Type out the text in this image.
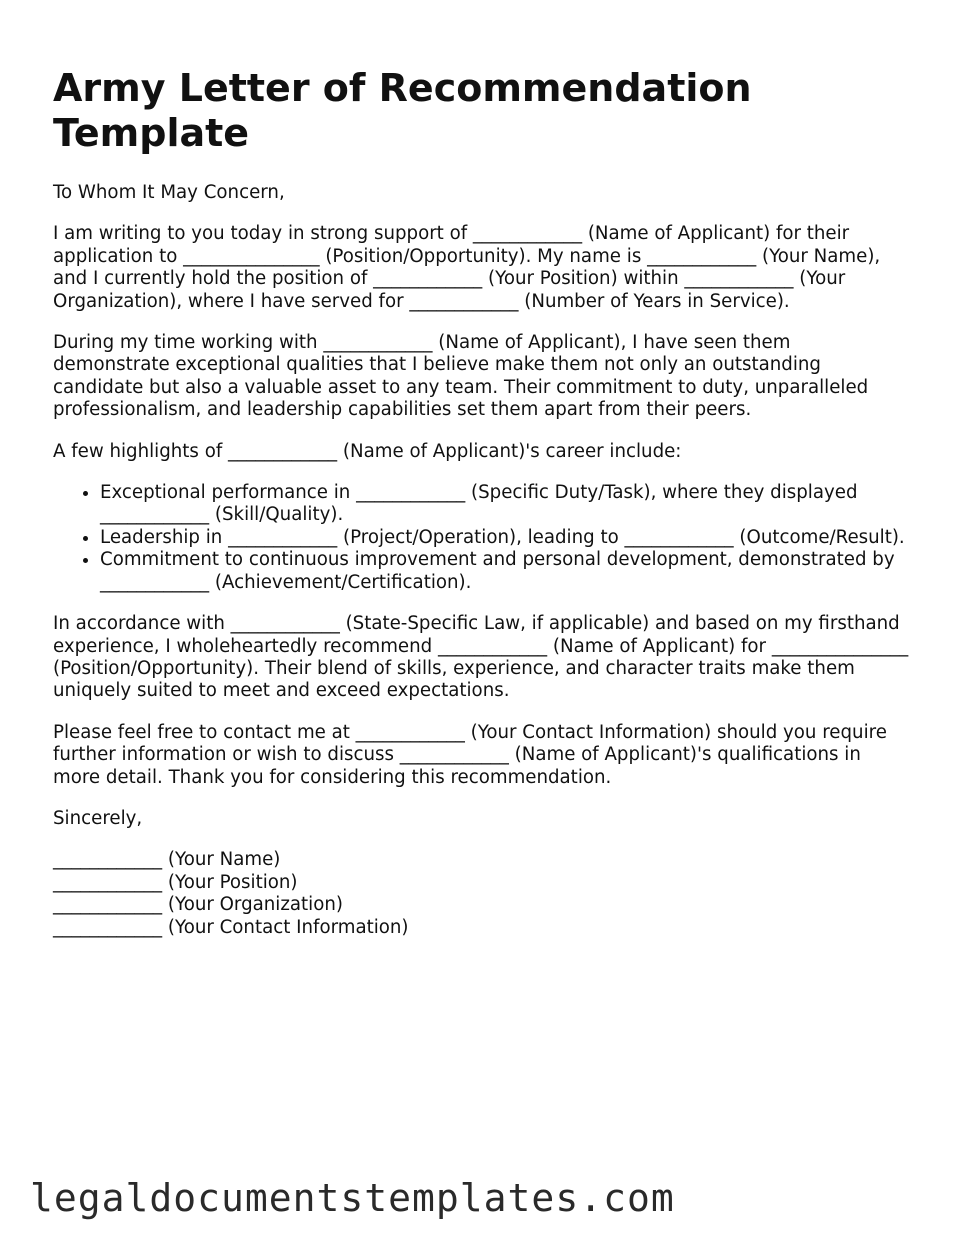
Army Letter of Recommendation Template

To Whom It May Concern,

I am writing to you today in strong support of ____________ (Name of Applicant) for their application to _______________ (Position/Opportunity). My name is ____________ (Your Name), and I currently hold the position of ____________ (Your Position) within ____________ (Your Organization), where I have served for ____________ (Number of Years in Service).

During my time working with ____________ (Name of Applicant), I have seen them demonstrate exceptional qualities that I believe make them not only an outstanding candidate but also a valuable asset to any team. Their commitment to duty, unparalleled professionalism, and leadership capabilities set them apart from their peers.

A few highlights of ____________ (Name of Applicant)'s career include:

• Exceptional performance in ____________ (Specific Duty/Task), where they displayed ____________ (Skill/Quality).
• Leadership in ____________ (Project/Operation), leading to ____________ (Outcome/Result).
• Commitment to continuous improvement and personal development, demonstrated by ____________ (Achievement/Certification).

In accordance with ____________ (State-Specific Law, if applicable) and based on my firsthand experience, I wholeheartedly recommend ____________ (Name of Applicant) for _______________ (Position/Opportunity). Their blend of skills, experience, and character traits make them uniquely suited to meet and exceed expectations.

Please feel free to contact me at ____________ (Your Contact Information) should you require further information or wish to discuss ____________ (Name of Applicant)'s qualifications in more detail. Thank you for considering this recommendation.

Sincerely,

____________ (Your Name)
____________ (Your Position)
____________ (Your Organization)
____________ (Your Contact Information)
legaldocumentstemplates.com
